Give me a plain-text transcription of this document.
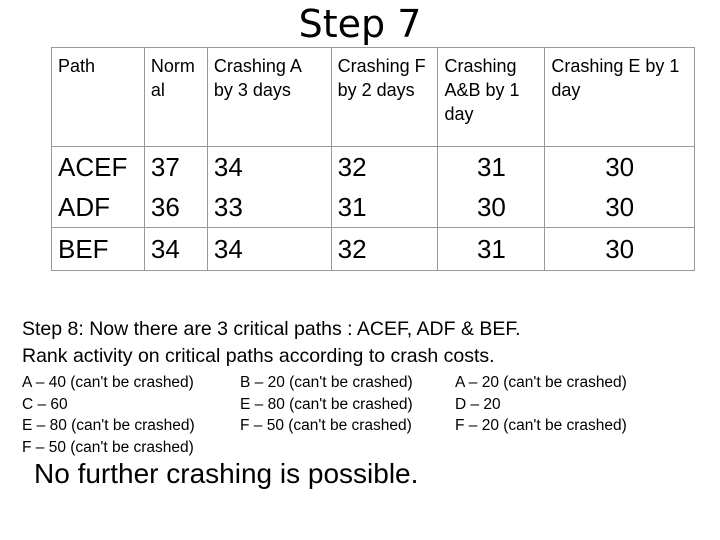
Step 7
Path	Norm al	Crashing A by 3 days	Crashing F by 2 days	Crashing A&B by 1 day	Crashing E by 1 day
ACEF	37	34	32	31	30
ADF	36	33	31	30	30
BEF	34	34	32	31	30
Step 8: Now there are 3 critical paths : ACEF, ADF & BEF.
Rank activity on critical paths according to crash costs.
A – 40 (can't be crashed)
C – 60
E – 80 (can't be crashed)
F – 50 (can't be crashed)
B – 20 (can't be crashed)
E – 80 (can't be crashed)
F – 50 (can't be crashed)
A – 20 (can't be crashed)
D – 20
F – 20 (can't be crashed)
No further crashing is possible.
